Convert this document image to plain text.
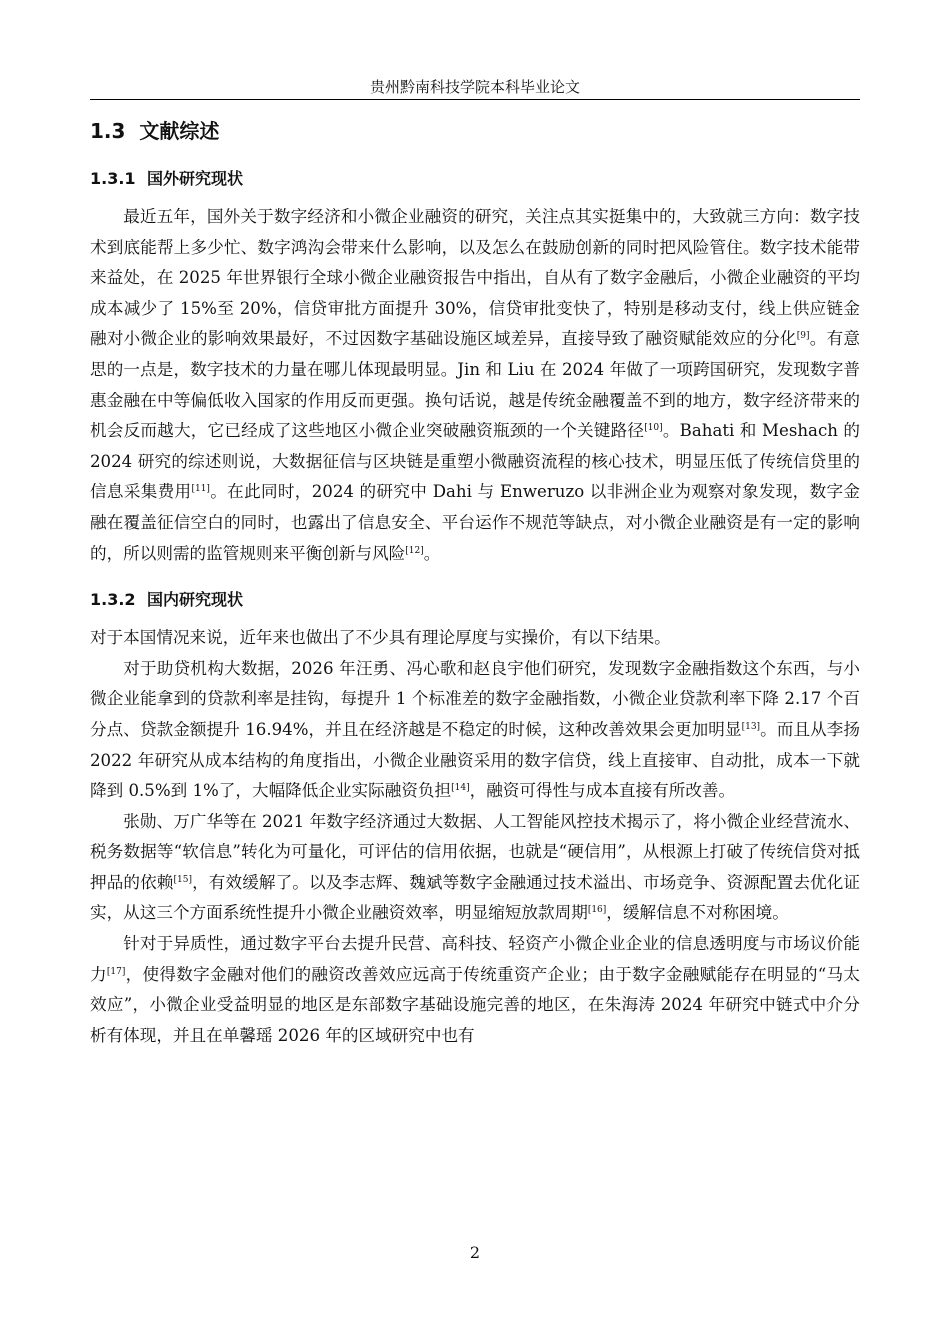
贵州黔南科技学院本科毕业论文
1.3 文献综述
1.3.1 国外研究现状

最近五年，国外关于数字经济和小微企业融资的研究，关注点其实挺集中的，大致就三方向：数字技术到底能帮上多少忙、数字鸿沟会带来什么影响，以及怎么在鼓励创新的同时把风险管住。数字技术能带来益处，在 2025 年世界银行全球小微企业融资报告中指出，自从有了数字金融后，小微企业融资的平均成本减少了 15%至 20%，信贷审批方面提升 30%，信贷审批变快了，特别是移动支付，线上供应链金融对小微企业的影响效果最好，不过因数字基础设施区域差异，直接导致了融资赋能效应的分化[9]。有意思的一点是，数字技术的力量在哪儿体现最明显。Jin 和 Liu 在 2024 年做了一项跨国研究，发现数字普惠金融在中等偏低收入国家的作用反而更强。换句话说，越是传统金融覆盖不到的地方，数字经济带来的机会反而越大，它已经成了这些地区小微企业突破融资瓶颈的一个关键路径[10]。Bahati 和 Meshach 的 2024 研究的综述则说，大数据征信与区块链是重塑小微融资流程的核心技术，明显压低了传统信贷里的信息采集费用[11]。在此同时，2024 的研究中 Dahi 与 Enwеruzo 以非洲企业为观察对象发现，数字金融在覆盖征信空白的同时，也露出了信息安全、平台运作不规范等缺点，对小微企业融资是有一定的影响的，所以则需的监管规则来平衡创新与风险[12]。

1.3.2 国内研究现状

对于本国情况来说，近年来也做出了不少具有理论厚度与实操价，有以下结果。

对于助贷机构大数据，2026 年汪勇、冯心歌和赵良宇他们研究，发现数字金融指数这个东西，与小微企业能拿到的贷款利率是挂钩，每提升 1 个标准差的数字金融指数，小微企业贷款利率下降 2.17 个百分点、贷款金额提升 16.94%，并且在经济越是不稳定的时候，这种改善效果会更加明显[13]。而且从李扬 2022 年研究从成本结构的角度指出，小微企业融资采用的数字信贷，线上直接审、自动批，成本一下就降到 0.5%到 1%了，大幅降低企业实际融资负担[14]，融资可得性与成本直接有所改善。

张勋、万广华等在 2021 年数字经济通过大数据、人工智能风控技术揭示了，将小微企业经营流水、税务数据等“软信息”转化为可量化，可评估的信用依据，也就是“硬信用”，从根源上打破了传统信贷对抵押品的依赖[15]，有效缓解了。以及李志辉、魏斌等数字金融通过技术溢出、市场竞争、资源配置去优化证实，从这三个方面系统性提升小微企业融资效率，明显缩短放款周期[16]，缓解信息不对称困境。

针对于异质性，通过数字平台去提升民营、高科技、轻资产小微企业企业的信息透明度与市场议价能力[17]，使得数字金融对他们的融资改善效应远高于传统重资产企业；由于数字金融赋能存在明显的“马太效应”，小微企业受益明显的地区是东部数字基础设施完善的地区，在朱海涛 2024 年研究中链式中介分析有体现，并且在单馨瑶 2026 年的区域研究中也有

2
